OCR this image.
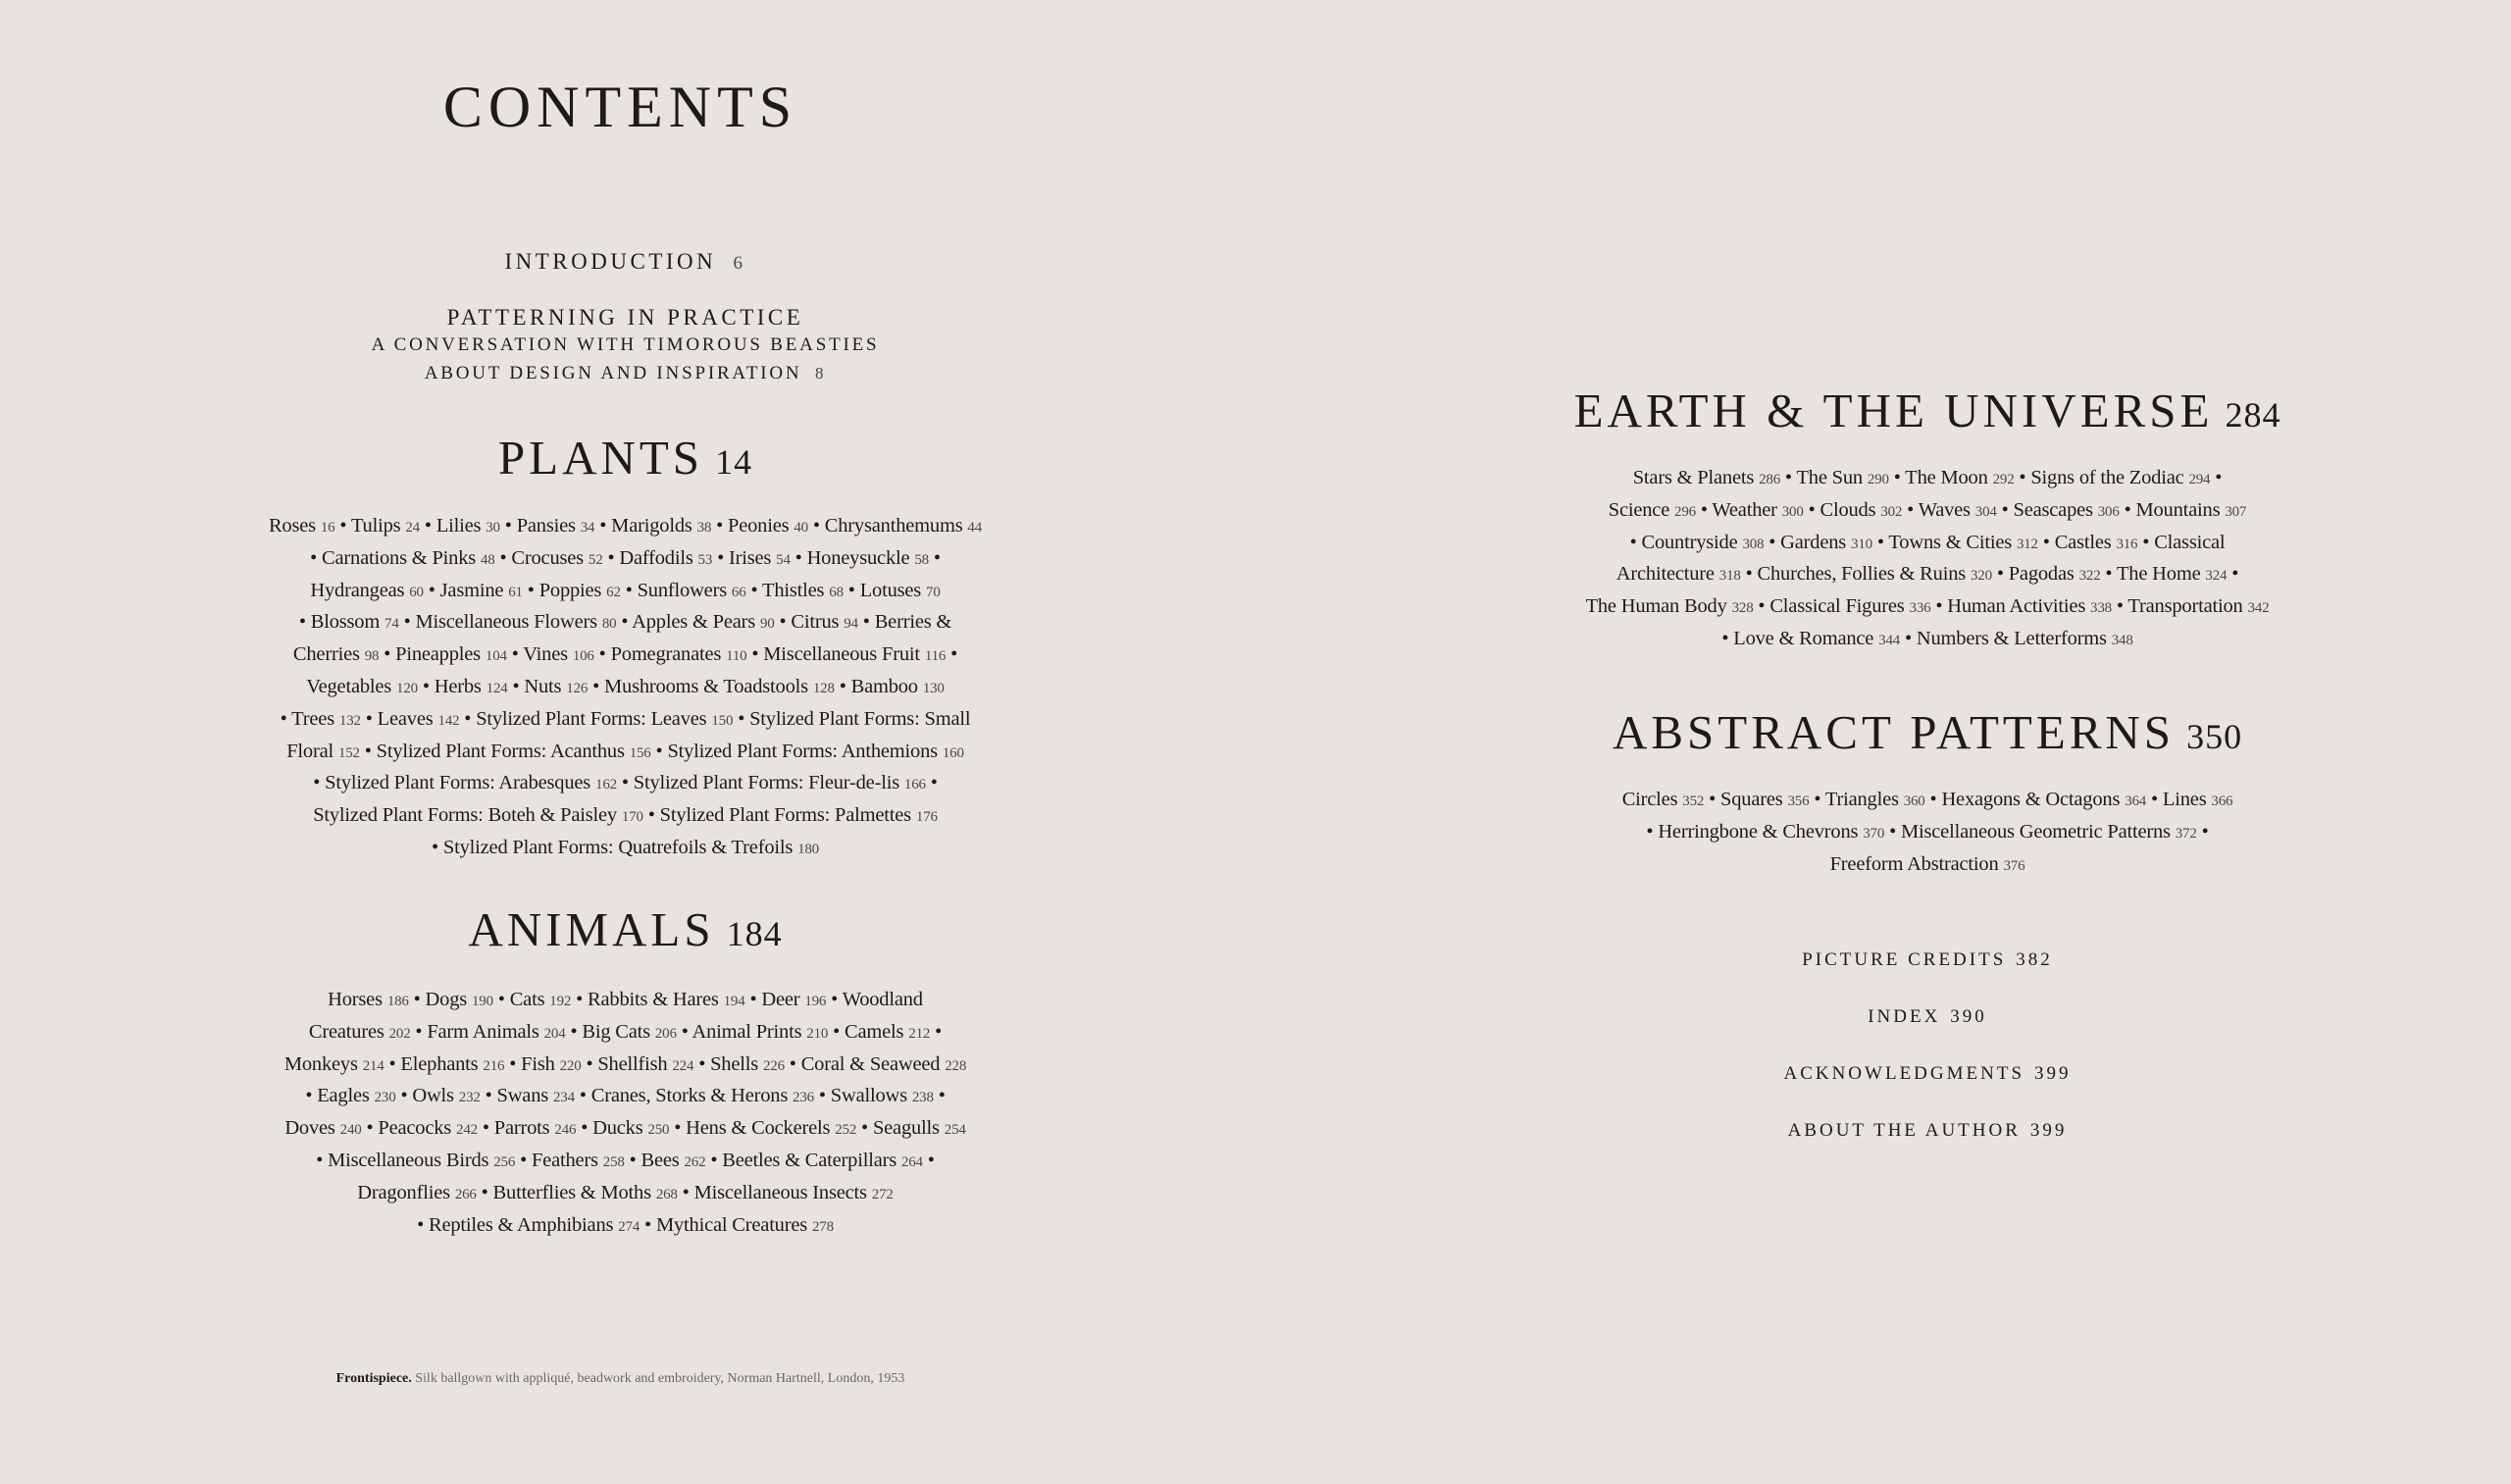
CONTENTS
INTRODUCTION 6
PATTERNING IN PRACTICE
A CONVERSATION WITH TIMOROUS BEASTIES
ABOUT DESIGN AND INSPIRATION 8
PLANTS 14
Roses 16 • Tulips 24 • Lilies 30 • Pansies 34 • Marigolds 38 • Peonies 40 • Chrysanthemums 44
• Carnations & Pinks 48 • Crocuses 52 • Daffodils 53 • Irises 54 • Honeysuckle 58 •
Hydrangeas 60 • Jasmine 61 • Poppies 62 • Sunflowers 66 • Thistles 68 • Lotuses 70
• Blossom 74 • Miscellaneous Flowers 80 • Apples & Pears 90 • Citrus 94 • Berries &
Cherries 98 • Pineapples 104 • Vines 106 • Pomegranates 110 • Miscellaneous Fruit 116 •
Vegetables 120 • Herbs 124 • Nuts 126 • Mushrooms & Toadstools 128 • Bamboo 130
• Trees 132 • Leaves 142 • Stylized Plant Forms: Leaves 150 • Stylized Plant Forms: Small
Floral 152 • Stylized Plant Forms: Acanthus 156 • Stylized Plant Forms: Anthemions 160
• Stylized Plant Forms: Arabesques 162 • Stylized Plant Forms: Fleur-de-lis 166 •
Stylized Plant Forms: Boteh & Paisley 170 • Stylized Plant Forms: Palmettes 176
• Stylized Plant Forms: Quatrefoils & Trefoils 180
ANIMALS 184
Horses 186 • Dogs 190 • Cats 192 • Rabbits & Hares 194 • Deer 196 • Woodland
Creatures 202 • Farm Animals 204 • Big Cats 206 • Animal Prints 210 • Camels 212 •
Monkeys 214 • Elephants 216 • Fish 220 • Shellfish 224 • Shells 226 • Coral & Seaweed 228
• Eagles 230 • Owls 232 • Swans 234 • Cranes, Storks & Herons 236 • Swallows 238 •
Doves 240 • Peacocks 242 • Parrots 246 • Ducks 250 • Hens & Cockerels 252 • Seagulls 254
• Miscellaneous Birds 256 • Feathers 258 • Bees 262 • Beetles & Caterpillars 264 •
Dragonflies 266 • Butterflies & Moths 268 • Miscellaneous Insects 272
• Reptiles & Amphibians 274 • Mythical Creatures 278
Frontispiece. Silk ballgown with appliqué, beadwork and embroidery, Norman Hartnell, London, 1953
EARTH & THE UNIVERSE 284
Stars & Planets 286 • The Sun 290 • The Moon 292 • Signs of the Zodiac 294 •
Science 296 • Weather 300 • Clouds 302 • Waves 304 • Seascapes 306 • Mountains 307
• Countryside 308 • Gardens 310 • Towns & Cities 312 • Castles 316 • Classical
Architecture 318 • Churches, Follies & Ruins 320 • Pagodas 322 • The Home 324 •
The Human Body 328 • Classical Figures 336 • Human Activities 338 • Transportation 342
• Love & Romance 344 • Numbers & Letterforms 348
ABSTRACT PATTERNS 350
Circles 352 • Squares 356 • Triangles 360 • Hexagons & Octagons 364 • Lines 366
• Herringbone & Chevrons 370 • Miscellaneous Geometric Patterns 372 •
Freeform Abstraction 376
PICTURE CREDITS 382
INDEX 390
ACKNOWLEDGMENTS 399
ABOUT THE AUTHOR 399
